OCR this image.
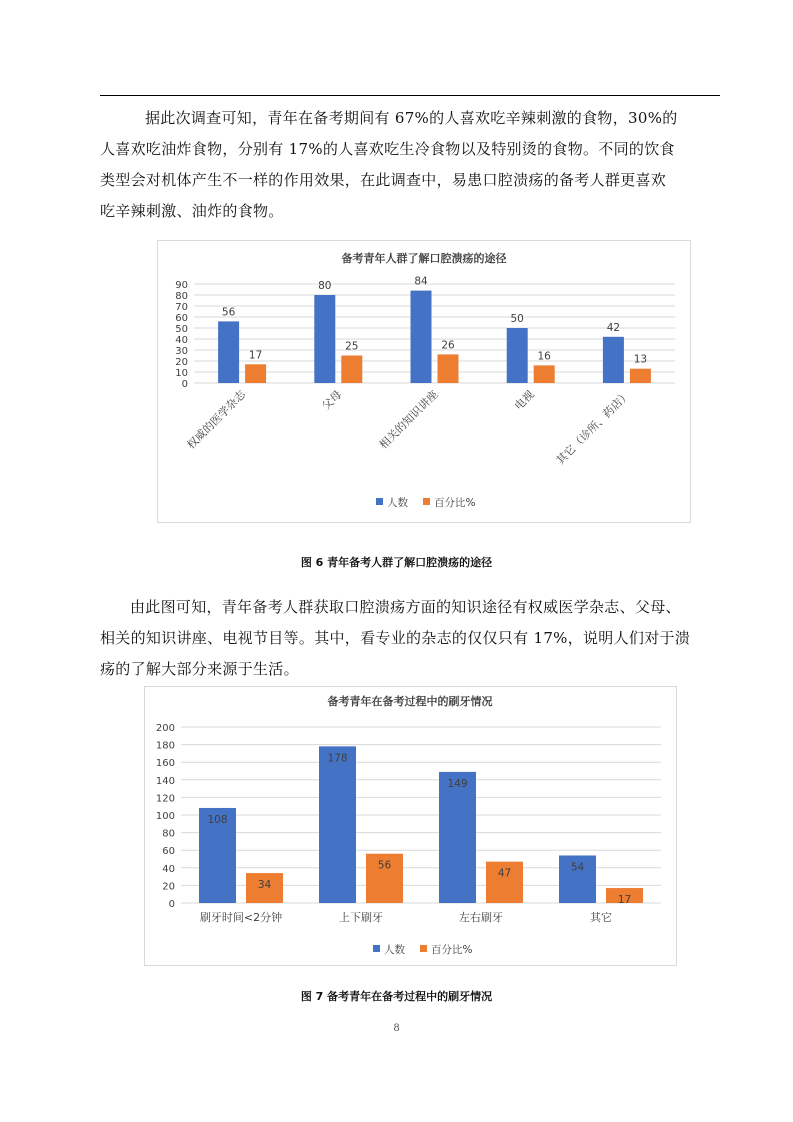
据此次调查可知，青年在备考期间有 67%的人喜欢吃辛辣刺激的食物，30%的
人喜欢吃油炸食物，分别有 17%的人喜欢吃生冷食物以及特别烫的食物。不同的饮食
类型会对机体产生不一样的作用效果，在此调查中，易患口腔溃疡的备考人群更喜欢
吃辛辣刺激、油炸的食物。
备考青年人群了解口腔溃疡的途径
0
10
20
30
40
50
60
70
80
90
56
17
权威的医学杂志
80
25
父母
84
26
相关的知识讲座
50
16
电视
42
13
其它（诊所、药店）
人数 百分比%
图 6 青年备考人群了解口腔溃疡的途径
由此图可知，青年备考人群获取口腔溃疡方面的知识途径有权威医学杂志、父母、
相关的知识讲座、电视节目等。其中，看专业的杂志的仅仅只有 17%，说明人们对于溃
疡的了解大部分来源于生活。
备考青年在备考过程中的刷牙情况
0
20
40
60
80
100
120
140
160
180
200
108
34
刷牙时间<2分钟
178
56
上下刷牙
149
47
左右刷牙
54
17
其它
人数 百分比%
图 7 备考青年在备考过程中的刷牙情况
8
